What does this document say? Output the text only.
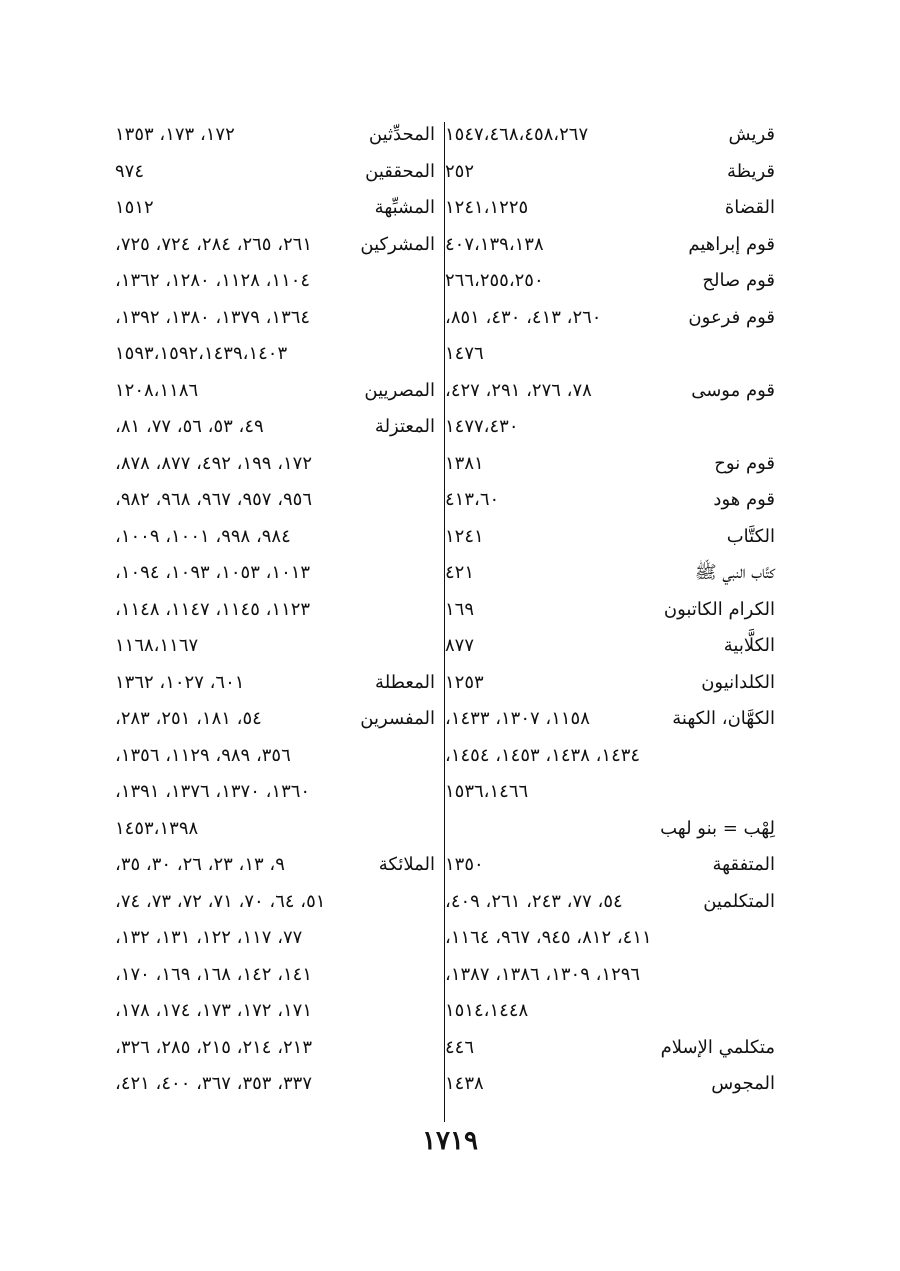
قريش
١٥٤٧،٤٦٨،٤٥٨،٢٦٧
قريظة
٢٥٢
القضاة
١٢٤١،١٢٢٥
قوم إبراهيم
٤٠٧،١٣٩،١٣٨
قوم صالح
٢٦٦،٢٥٥،٢٥٠
قوم فرعون
٢٦٠، ٤١٣، ٤٣٠، ٨٥١،
١٤٧٦
قوم موسى
٧٨، ٢٧٦، ٢٩١، ٤٢٧،
١٤٧٧،٤٣٠
قوم نوح
١٣٨١
قوم هود
٤١٣،٦٠
الكتَّاب
١٢٤١
كتَّاب النبي ﷺ
٤٢١
الكرام الكاتبون
١٦٩
الكلَّابية
٨٧٧
الكلدانيون
١٢٥٣
الكهَّان، الكهنة
١١٥٨، ١٣٠٧، ١٤٣٣،
١٤٣٤، ١٤٣٨، ١٤٥٣، ١٤٥٤،
١٥٣٦،١٤٦٦
لِهْب = بنو لهب
المتفقهة
١٣٥٠
المتكلمين
٥٤، ٧٧، ٢٤٣، ٢٦١، ٤٠٩،
٤١١، ٨١٢، ٩٤٥، ٩٦٧، ١١٦٤،
١٢٩٦، ١٣٠٩، ١٣٨٦، ١٣٨٧،
١٥١٤،١٤٤٨
متكلمي الإسلام
٤٤٦
المجوس
١٤٣٨
المحدِّثين
١٧٢، ١٧٣، ١٣٥٣
المحققين
٩٧٤
المشبِّهة
١٥١٢
المشركين
٢٦١، ٢٦٥، ٢٨٤، ٧٢٤، ٧٢٥،
١١٠٤، ١١٢٨، ١٢٨٠، ١٣٦٢،
١٣٦٤، ١٣٧٩، ١٣٨٠، ١٣٩٢،
١٥٩٣،١٥٩٢،١٤٣٩،١٤٠٣
المصريين
١٢٠٨،١١٨٦
المعتزلة
٤٩، ٥٣، ٥٦، ٧٧، ٨١،
١٧٢، ١٩٩، ٤٩٢، ٨٧٧، ٨٧٨،
٩٥٦، ٩٥٧، ٩٦٧، ٩٦٨، ٩٨٢،
٩٨٤، ٩٩٨، ١٠٠١، ١٠٠٩،
١٠١٣، ١٠٥٣، ١٠٩٣، ١٠٩٤،
١١٢٣، ١١٤٥، ١١٤٧، ١١٤٨،
١١٦٨،١١٦٧
المعطلة
٦٠١، ١٠٢٧، ١٣٦٢
المفسرين
٥٤، ١٨١، ٢٥١، ٢٨٣،
٣٥٦، ٩٨٩، ١١٢٩، ١٣٥٦،
١٣٦٠، ١٣٧٠، ١٣٧٦، ١٣٩١،
١٤٥٣،١٣٩٨
الملائكة
٩، ١٣، ٢٣، ٢٦، ٣٠، ٣٥،
٥١، ٦٤، ٧٠، ٧١، ٧٢، ٧٣، ٧٤،
٧٧، ١١٧، ١٢٢، ١٣١، ١٣٢،
١٤١، ١٤٢، ١٦٨، ١٦٩، ١٧٠،
١٧١، ١٧٢، ١٧٣، ١٧٤، ١٧٨،
٢١٣، ٢١٤، ٢١٥، ٢٨٥، ٣٢٦،
٣٣٧، ٣٥٣، ٣٦٧، ٤٠٠، ٤٢١،
١٧١٩
